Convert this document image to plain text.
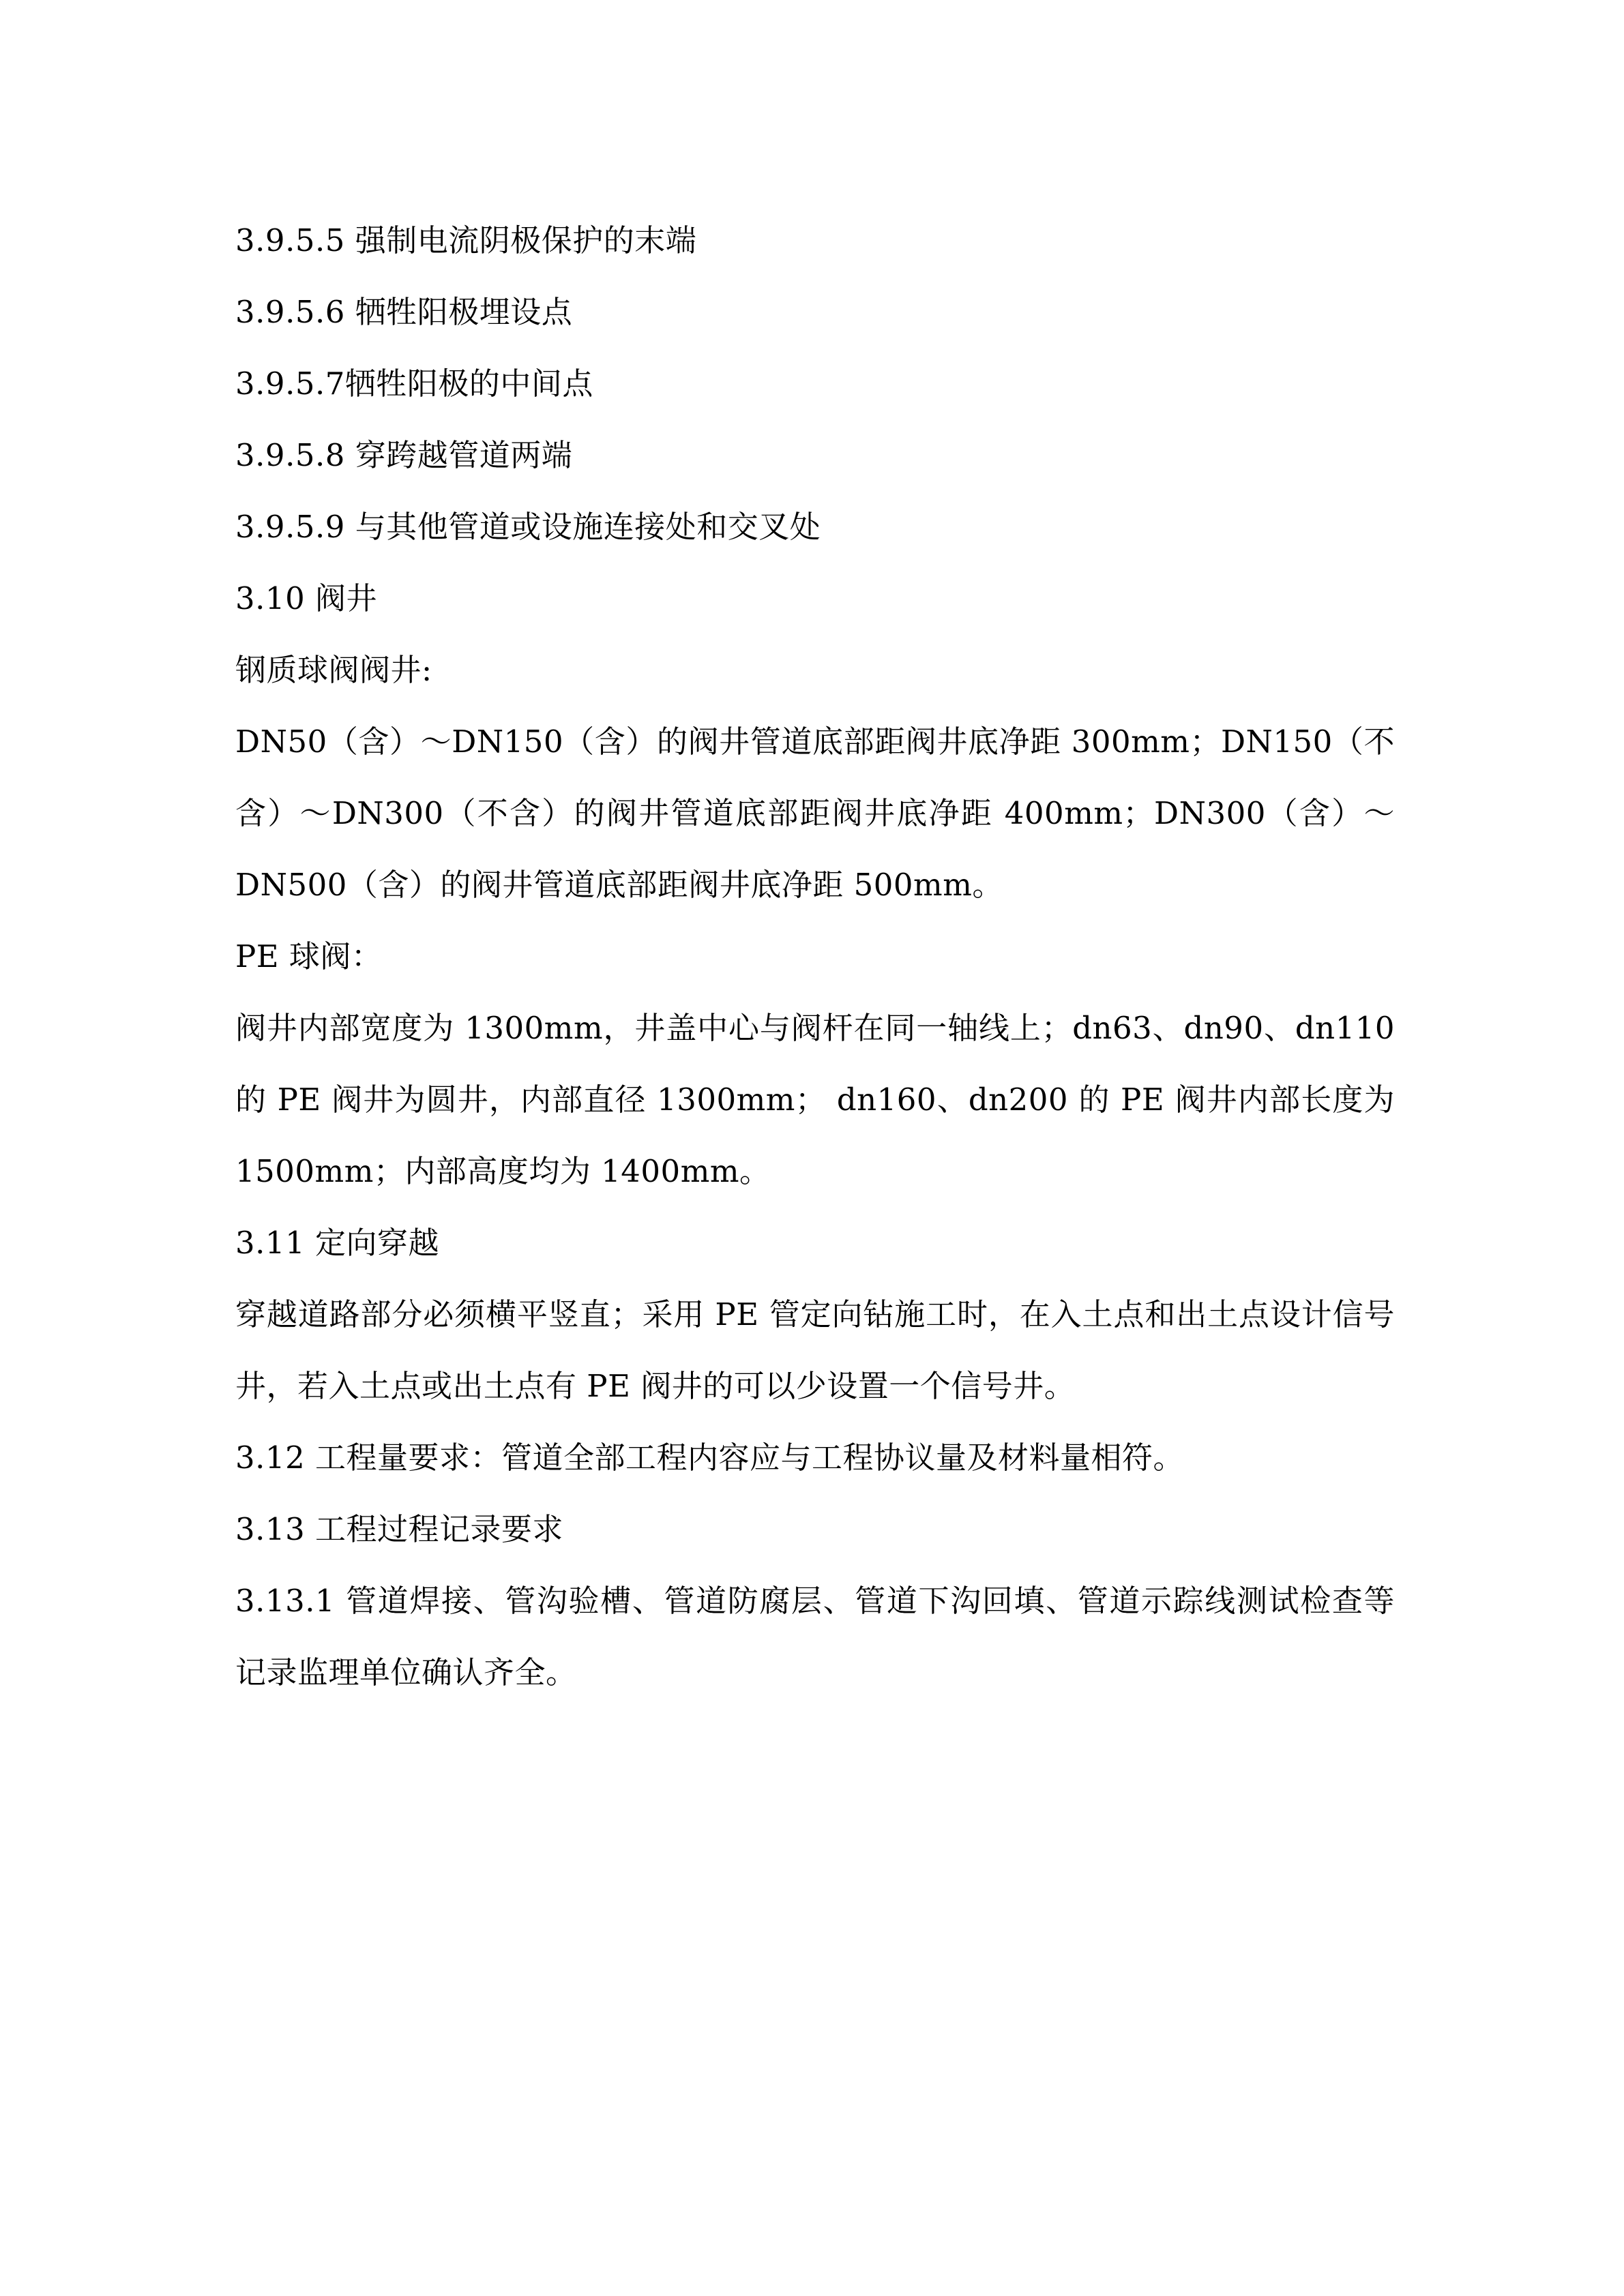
3.9.5.5 强制电流阴极保护的末端

3.9.5.6 牺牲阳极埋设点

3.9.5.7牺牲阳极的中间点

3.9.5.8 穿跨越管道两端

3.9.5.9 与其他管道或设施连接处和交叉处

3.10 阀井

钢质球阀阀井:

DN50（含）～DN150（含）的阀井管道底部距阀井底净距 300mm；DN150（不含）～DN300（不含）的阀井管道底部距阀井底净距 400mm；DN300（含）～DN500（含）的阀井管道底部距阀井底净距 500mm。

PE 球阀：

阀井内部宽度为 1300mm，井盖中心与阀杆在同一轴线上；dn63、dn90、dn110 的 PE 阀井为圆井，内部直径 1300mm； dn160、dn200 的 PE 阀井内部长度为 1500mm；内部高度均为 1400mm。

3.11 定向穿越

穿越道路部分必须横平竖直；采用 PE 管定向钻施工时，在入土点和出土点设计信号井，若入土点或出土点有 PE 阀井的可以少设置一个信号井。

3.12 工程量要求：管道全部工程内容应与工程协议量及材料量相符。

3.13 工程过程记录要求

3.13.1 管道焊接、管沟验槽、管道防腐层、管道下沟回填、管道示踪线测试检查等记录监理单位确认齐全。
